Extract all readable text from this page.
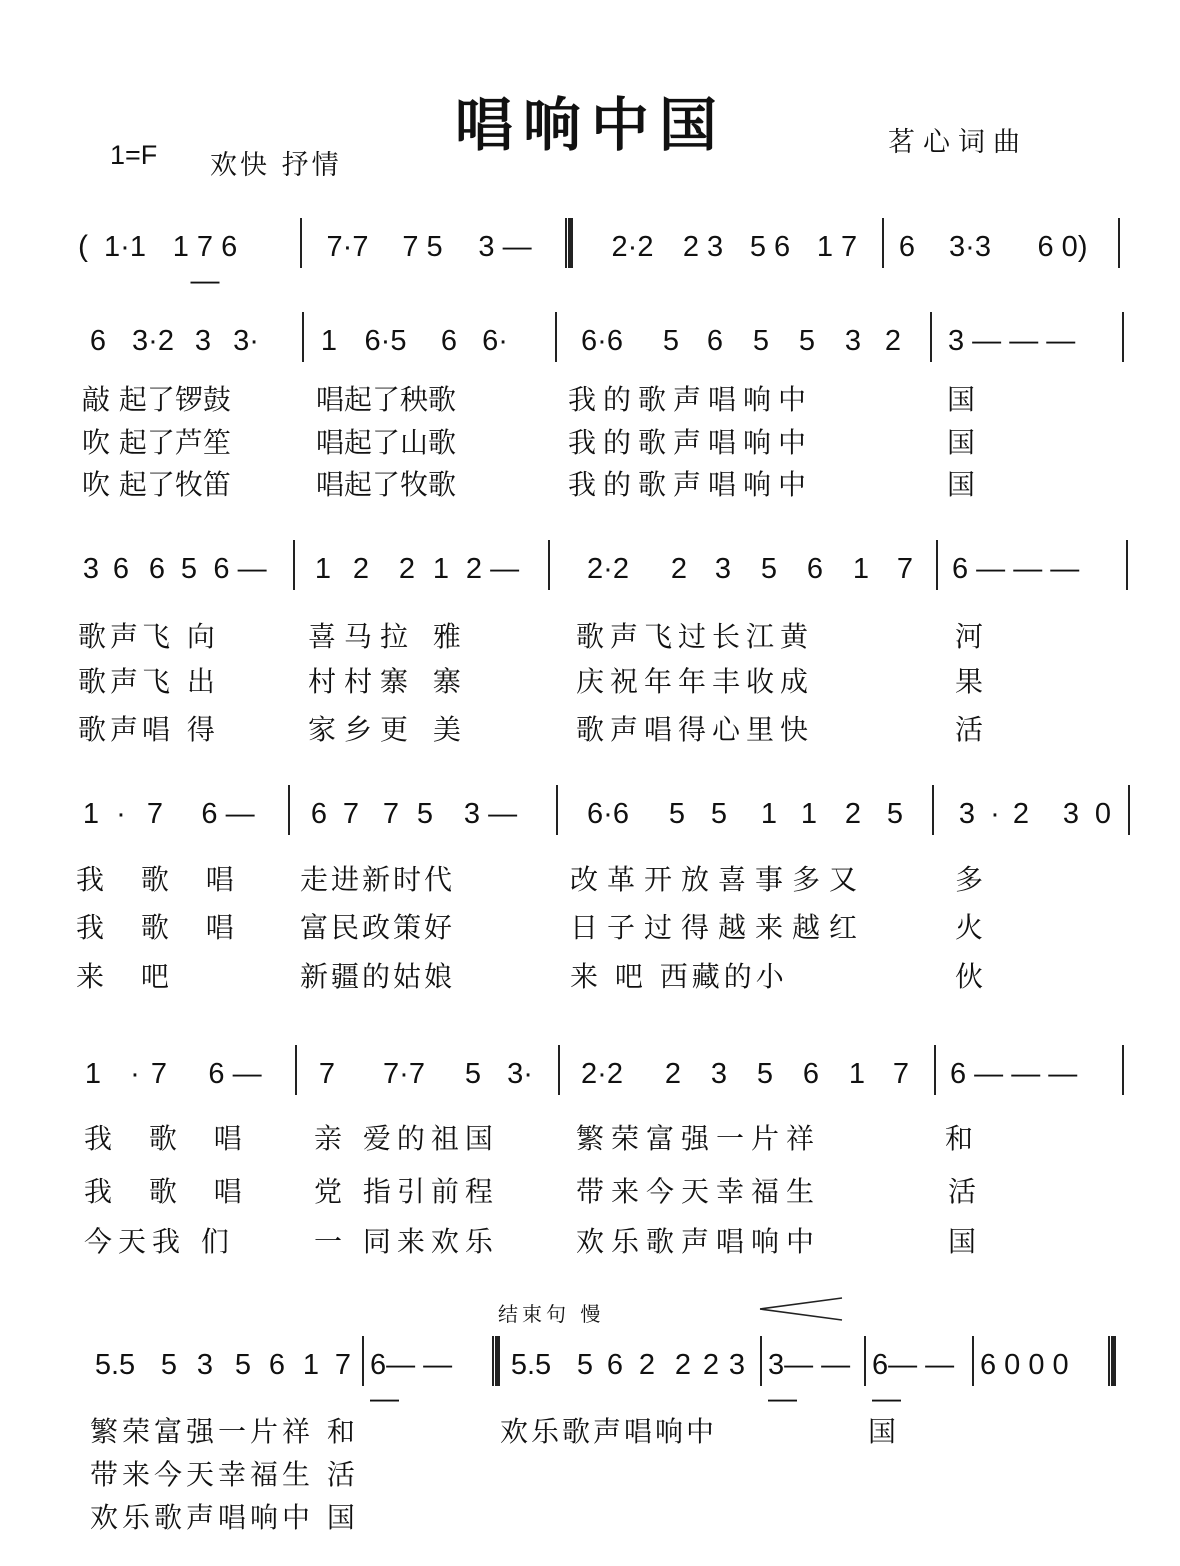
唱响中国	茗心词曲
1=F 欢快 抒情
( 1·1 1 7 6 —
7·7 7 5 3 —	2·2 2 3 5 6 1 7 6	3·3	6 0)
6 3·2 3 3· 1 6·5 6 6·	6·6	5 6 5 5 3 2 3 — — —
敲 起了锣鼓	唱起了秧歌	我的歌声唱响中	国
吹 起了芦笙	唱起了山歌	我的歌声唱响中	国
吹 起了牧笛	唱起了牧歌	我的歌声唱响中	国
3 6 6 5 6 — 1 2 2 1 2 —	2·2	2 3 5 6 1 7 6 — — —
歌声飞 向	喜马拉 雅	歌声飞过长江黄	河
歌声飞 出	村村寨 寨	庆祝年年丰收成	果
歌声唱 得	家乡更 美	歌声唱得心里快	活
1 · 7 6 — 6 7 7 5 3 —	6·6	5 5 1 1 2 5 3 · 2 3 0
我 歌 唱 走进新时代	改革开放喜事多又	多
我 歌 唱 富民政策好	日子过得越来越红	火
来 吧	新疆的姑娘	来 吧 西藏的小	伙
1 · 7 6 — 7	7·7	5 3·	2·2	2 3 5 6 1 7 6 — — —
我 歌 唱 亲 爱的祖国	繁荣富强一片祥	和
我 歌 唱 党 指引前程	带来今天幸福生	活
今天我 们	一 同来欢乐	欢乐歌声唱响中	国
结束句 慢
5.5 5 3 5 6 1 7 6— — —
5.5 5 6 2 2 2 3 3— — —
6— — —
6 0 0 0
繁荣富强一片祥 和	欢乐歌声唱响中	国
带来今天幸福生 活
欢乐歌声唱响中 国
